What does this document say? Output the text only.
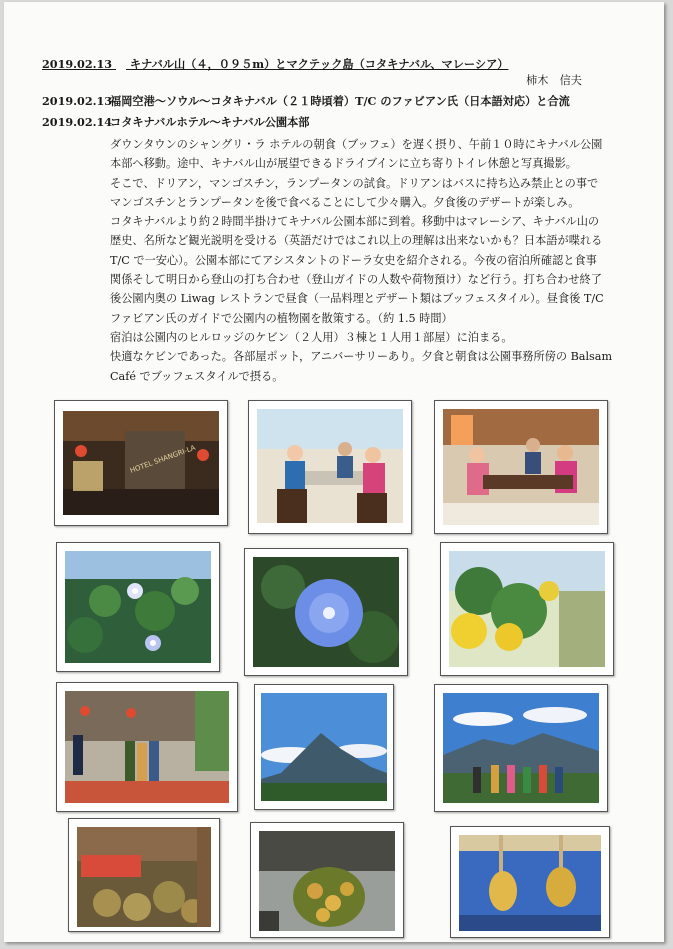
2019.02.13 キナバル山（４，０９５m）とマクテック島（コタキナバル、マレーシア）
柿木　信夫
2019.02.13福岡空港～ソウル～コタキナバル（２１時頃着）T/C のファビアン氏（日本語対応）と合流
2019.02.14コタキナバルホテル～キナバル公園本部

ダウンタウンのシャングリ・ラ ホテルの朝食（ブッフェ）を遅く摂り、午前１０時にキナバル公園

本部へ移動。途中、キナバル山が展望できるドライブインに立ち寄りトイレ休憩と写真撮影。

そこで、ドリアン，マンゴスチン，ランプータンの試食。ドリアンはバスに持ち込み禁止との事で

マンゴスチンとランプータンを後で食べることにして少々購入。夕食後のデザートが楽しみ。

コタキナバルより約２時間半掛けてキナバル公園本部に到着。移動中はマレーシア、キナバル山の

歴史、名所など観光説明を受ける（英語だけではこれ以上の理解は出来ないかも？日本語が喋れる

T/C で一安心）。公園本部にてアシスタントのドーラ女史を紹介される。今夜の宿泊所確認と食事

関係そして明日から登山の打ち合わせ（登山ガイドの人数や荷物預け）など行う。打ち合わせ終了

後公園内奥の Liwag レストランで昼食（一品料理とデザート類はブッフェスタイル）。昼食後 T/C

ファビアン氏のガイドで公園内の植物園を散策する。（約 1.5 時間）

宿泊は公園内のヒルロッジのケビン（２人用）３棟と１人用１部屋）に泊まる。

快適なケビンであった。各部屋ポット，アニバーサリーあり。夕食と朝食は公園事務所傍の Balsam

Café でブッフェスタイルで摂る。

HOTEL SHANGRI-LA
